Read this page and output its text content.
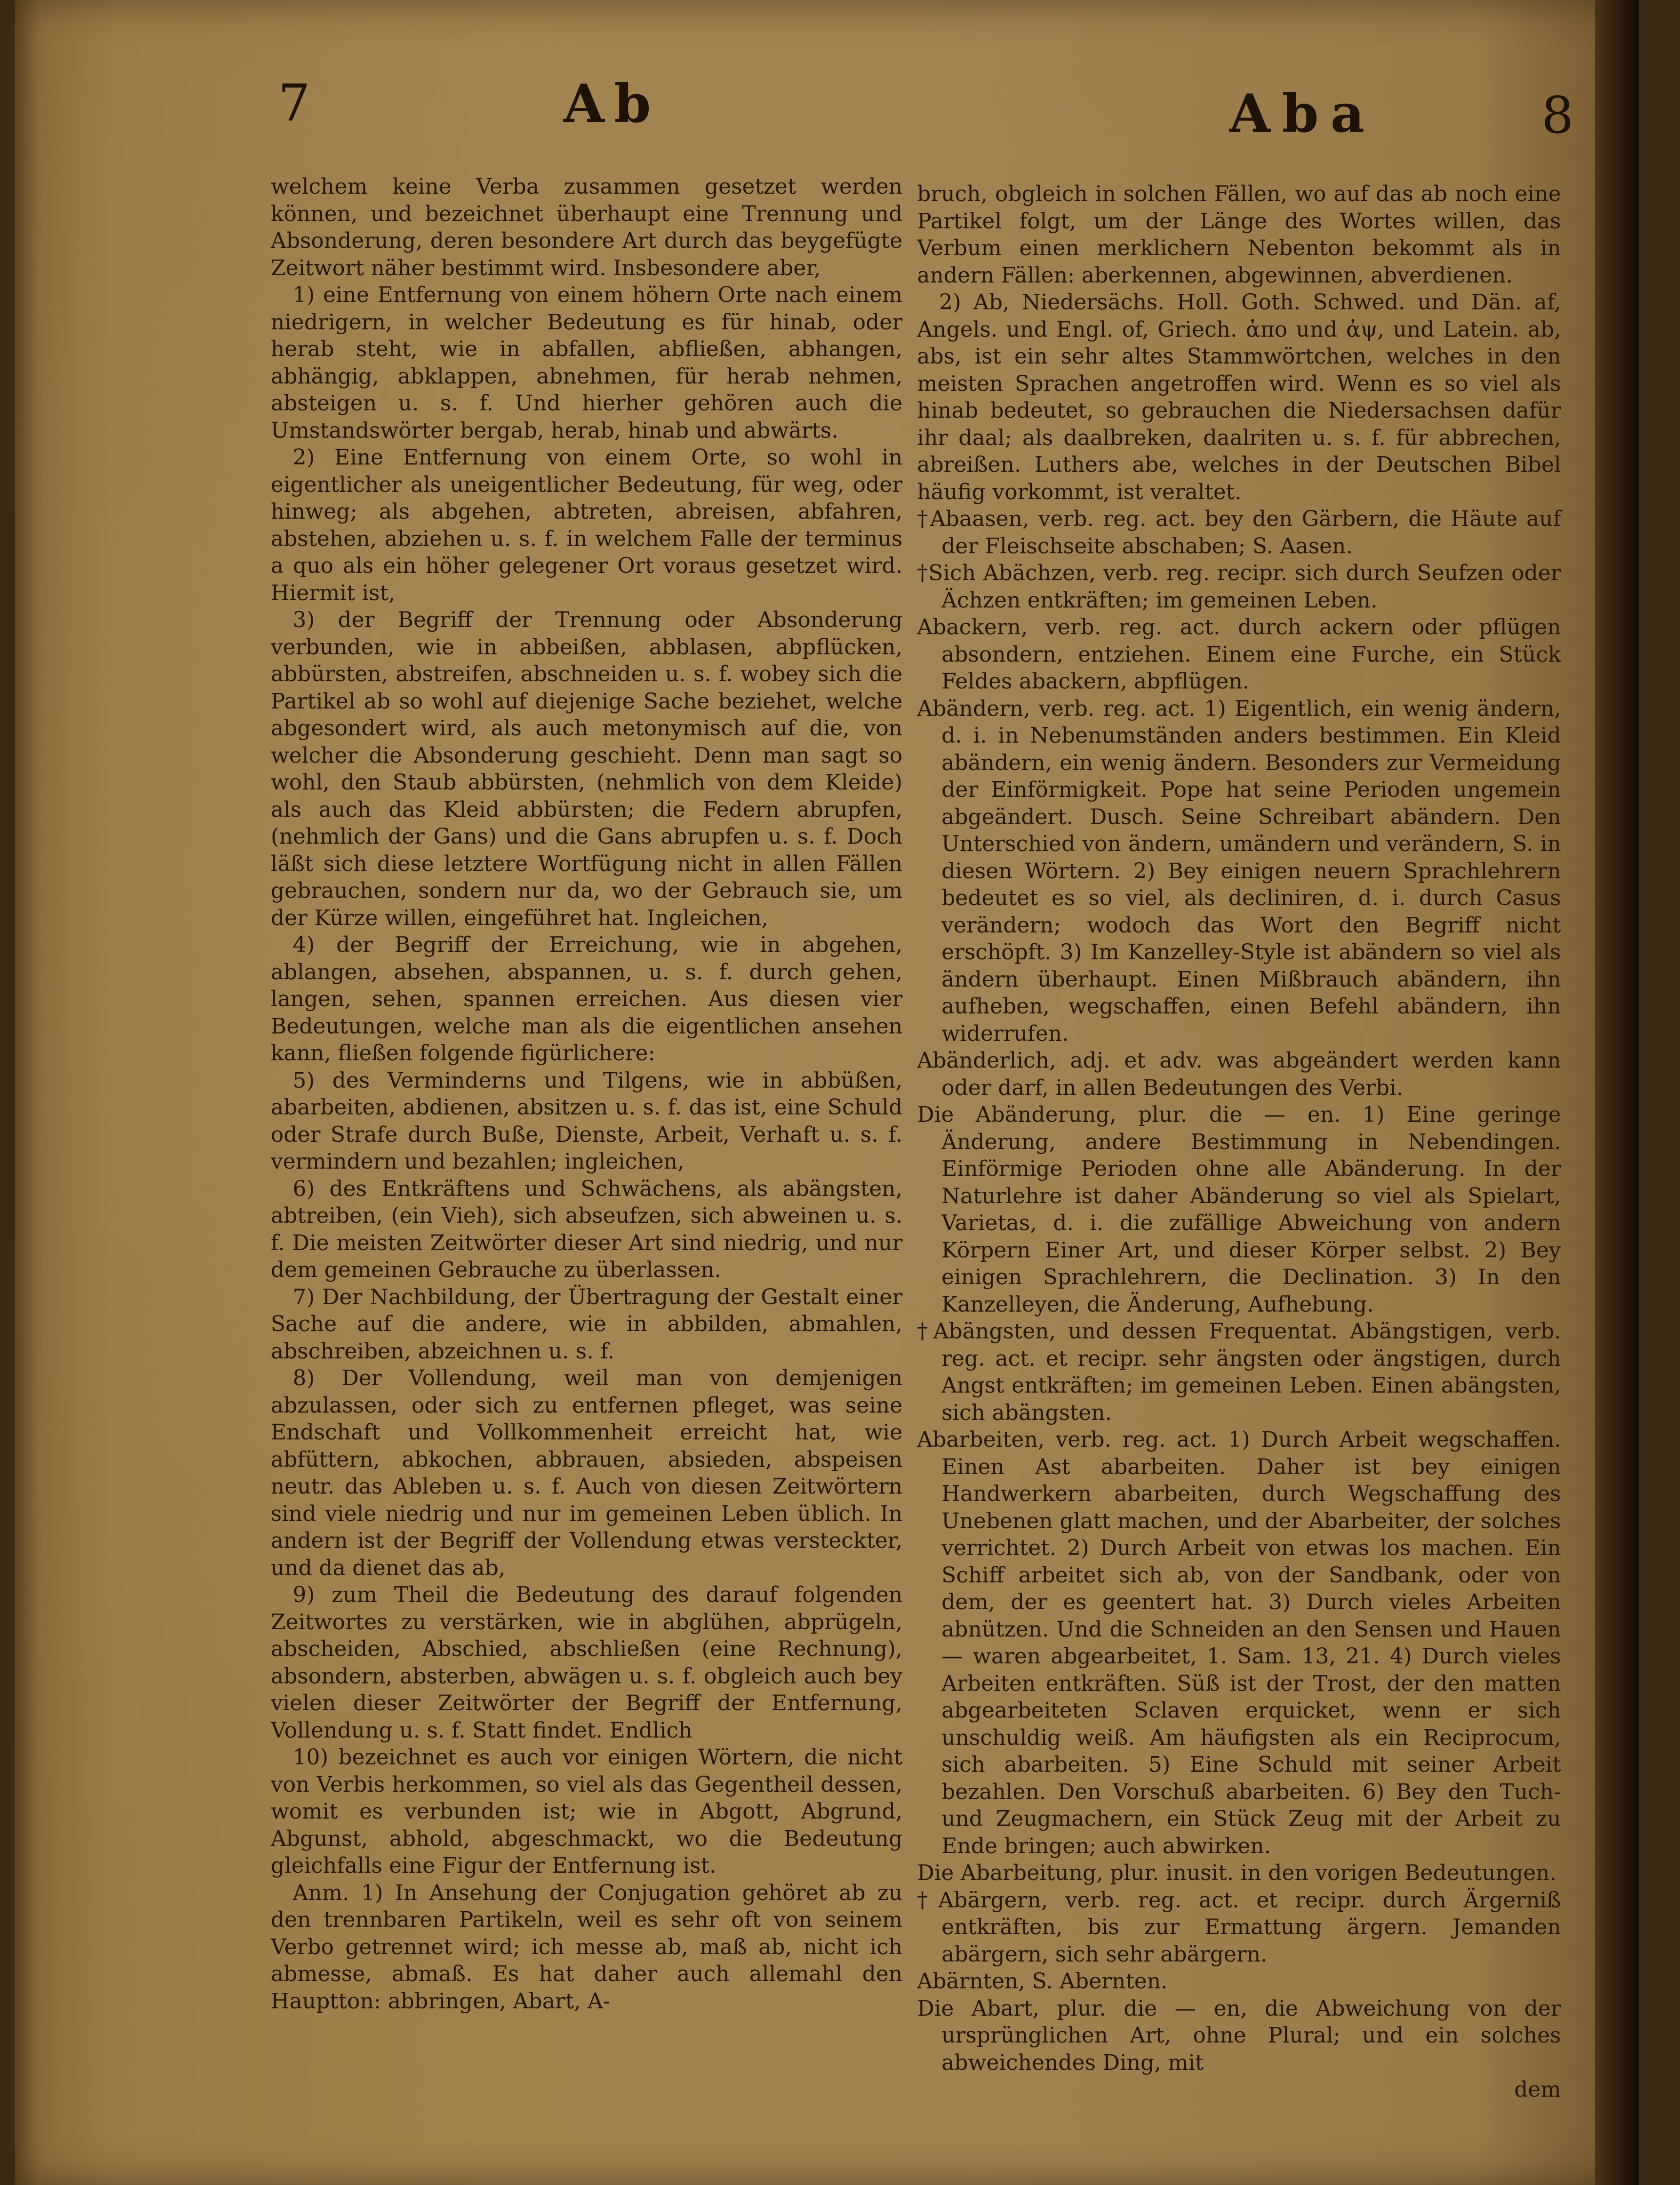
7	Ab	Aba	8

welchem keine Verba zusammen gesetzet werden können, und bezeichnet überhaupt eine Trennung und Absonderung, deren besondere Art durch das beygefügte Zeitwort näher bestimmt wird. Insbesondere aber,

1) eine Entfernung von einem höhern Orte nach einem niedrigern, in welcher Bedeutung es für hinab, oder herab steht, wie in abfallen, abfließen, abhangen, abhängig, abklappen, abnehmen, für herab nehmen, absteigen u. s. f. Und hierher gehören auch die Umstandswörter bergab, herab, hinab und abwärts.

2) Eine Entfernung von einem Orte, so wohl in eigentlicher als uneigentlicher Bedeutung, für weg, oder hinweg; als abgehen, abtreten, abreisen, abfahren, abstehen, abziehen u. s. f. in welchem Falle der terminus a quo als ein höher gelegener Ort voraus gesetzet wird. Hiermit ist,

3) der Begriff der Trennung oder Absonderung verbunden, wie in abbeißen, abblasen, abpflücken, abbürsten, abstreifen, abschneiden u. s. f. wobey sich die Partikel ab so wohl auf diejenige Sache beziehet, welche abgesondert wird, als auch metonymisch auf die, von welcher die Absonderung geschieht. Denn man sagt so wohl, den Staub abbürsten, (nehmlich von dem Kleide) als auch das Kleid abbürsten; die Federn abrupfen, (nehmlich der Gans) und die Gans abrupfen u. s. f. Doch läßt sich diese letztere Wortfügung nicht in allen Fällen gebrauchen, sondern nur da, wo der Gebrauch sie, um der Kürze willen, eingeführet hat. Ingleichen,

4) der Begriff der Erreichung, wie in abgehen, ablangen, absehen, abspannen, u. s. f. durch gehen, langen, sehen, spannen erreichen. Aus diesen vier Bedeutungen, welche man als die eigentlichen ansehen kann, fließen folgende figürlichere:

5) des Verminderns und Tilgens, wie in abbüßen, abarbeiten, abdienen, absitzen u. s. f. das ist, eine Schuld oder Strafe durch Buße, Dienste, Arbeit, Verhaft u. s. f. vermindern und bezahlen; ingleichen,

6) des Entkräftens und Schwächens, als abängsten, abtreiben, (ein Vieh), sich abseufzen, sich abweinen u. s. f. Die meisten Zeitwörter dieser Art sind niedrig, und nur dem gemeinen Gebrauche zu überlassen.

7) Der Nachbildung, der Übertragung der Gestalt einer Sache auf die andere, wie in abbilden, abmahlen, abschreiben, abzeichnen u. s. f.

8) Der Vollendung, weil man von demjenigen abzulassen, oder sich zu entfernen pfleget, was seine Endschaft und Vollkommenheit erreicht hat, wie abfüttern, abkochen, abbrauen, absieden, abspeisen neutr. das Ableben u. s. f. Auch von diesen Zeitwörtern sind viele niedrig und nur im gemeinen Leben üblich. In andern ist der Begriff der Vollendung etwas versteckter, und da dienet das ab,

9) zum Theil die Bedeutung des darauf folgenden Zeitwortes zu verstärken, wie in abglühen, abprügeln, abscheiden, Abschied, abschließen (eine Rechnung), absondern, absterben, abwägen u. s. f. obgleich auch bey vielen dieser Zeitwörter der Begriff der Entfernung, Vollendung u. s. f. Statt findet. Endlich

10) bezeichnet es auch vor einigen Wörtern, die nicht von Verbis herkommen, so viel als das Gegentheil dessen, womit es verbunden ist; wie in Abgott, Abgrund, Abgunst, abhold, abgeschmackt, wo die Bedeutung gleichfalls eine Figur der Entfernung ist.

Anm. 1) In Ansehung der Conjugation gehöret ab zu den trennbaren Partikeln, weil es sehr oft von seinem Verbo getrennet wird; ich messe ab, maß ab, nicht ich abmesse, abmaß. Es hat daher auch allemahl den Hauptton: abbringen, Abart, A-

bruch, obgleich in solchen Fällen, wo auf das ab noch eine Partikel folgt, um der Länge des Wortes willen, das Verbum einen merklichern Nebenton bekommt als in andern Fällen: aberkennen, abgewinnen, abverdienen.

2) Ab, Niedersächs. Holl. Goth. Schwed. und Dän. af, Angels. und Engl. of, Griech. ἀπο und ἀψ, und Latein. ab, abs, ist ein sehr altes Stammwörtchen, welches in den meisten Sprachen angetroffen wird. Wenn es so viel als hinab bedeutet, so gebrauchen die Niedersachsen dafür ihr daal; als daalbreken, daalriten u. s. f. für abbrechen, abreißen. Luthers abe, welches in der Deutschen Bibel häufig vorkommt, ist veraltet.

†Abaasen, verb. reg. act. bey den Gärbern, die Häute auf der Fleischseite abschaben; S. Aasen.

†Sich Abächzen, verb. reg. recipr. sich durch Seufzen oder Ächzen entkräften; im gemeinen Leben.

Abackern, verb. reg. act. durch ackern oder pflügen absondern, entziehen. Einem eine Furche, ein Stück Feldes abackern, abpflügen.

Abändern, verb. reg. act. 1) Eigentlich, ein wenig ändern, d. i. in Nebenumständen anders bestimmen. Ein Kleid abändern, ein wenig ändern. Besonders zur Vermeidung der Einförmigkeit. Pope hat seine Perioden ungemein abgeändert. Dusch. Seine Schreibart abändern. Den Unterschied von ändern, umändern und verändern, S. in diesen Wörtern. 2) Bey einigen neuern Sprachlehrern bedeutet es so viel, als decliniren, d. i. durch Casus verändern; wodoch das Wort den Begriff nicht erschöpft. 3) Im Kanzelley-Style ist abändern so viel als ändern überhaupt. Einen Mißbrauch abändern, ihn aufheben, wegschaffen, einen Befehl abändern, ihn widerrufen.

Abänderlich, adj. et adv. was abgeändert werden kann oder darf, in allen Bedeutungen des Verbi.

Die Abänderung, plur. die — en. 1) Eine geringe Änderung, andere Bestimmung in Nebendingen. Einförmige Perioden ohne alle Abänderung. In der Naturlehre ist daher Abänderung so viel als Spielart, Varietas, d. i. die zufällige Abweichung von andern Körpern Einer Art, und dieser Körper selbst. 2) Bey einigen Sprachlehrern, die Declination. 3) In den Kanzelleyen, die Änderung, Aufhebung.

†Abängsten, und dessen Frequentat. Abängstigen, verb. reg. act. et recipr. sehr ängsten oder ängstigen, durch Angst entkräften; im gemeinen Leben. Einen abängsten, sich abängsten.

Abarbeiten, verb. reg. act. 1) Durch Arbeit wegschaffen. Einen Ast abarbeiten. Daher ist bey einigen Handwerkern abarbeiten, durch Wegschaffung des Unebenen glatt machen, und der Abarbeiter, der solches verrichtet. 2) Durch Arbeit von etwas los machen. Ein Schiff arbeitet sich ab, von der Sandbank, oder von dem, der es geentert hat. 3) Durch vieles Arbeiten abnützen. Und die Schneiden an den Sensen und Hauen — waren abgearbeitet, 1. Sam. 13, 21. 4) Durch vieles Arbeiten entkräften. Süß ist der Trost, der den matten abgearbeiteten Sclaven erquicket, wenn er sich unschuldig weiß. Am häufigsten als ein Reciprocum, sich abarbeiten. 5) Eine Schuld mit seiner Arbeit bezahlen. Den Vorschuß abarbeiten. 6) Bey den Tuch- und Zeugmachern, ein Stück Zeug mit der Arbeit zu Ende bringen; auch abwirken.

Die Abarbeitung, plur. inusit. in den vorigen Bedeutungen.

†Abärgern, verb. reg. act. et recipr. durch Ärgerniß entkräften, bis zur Ermattung ärgern. Jemanden abärgern, sich sehr abärgern.

Abärnten, S. Abernten.

Die Abart, plur. die — en, die Abweichung von der ursprünglichen Art, ohne Plural; und ein solches abweichendes Ding, mit

dem
